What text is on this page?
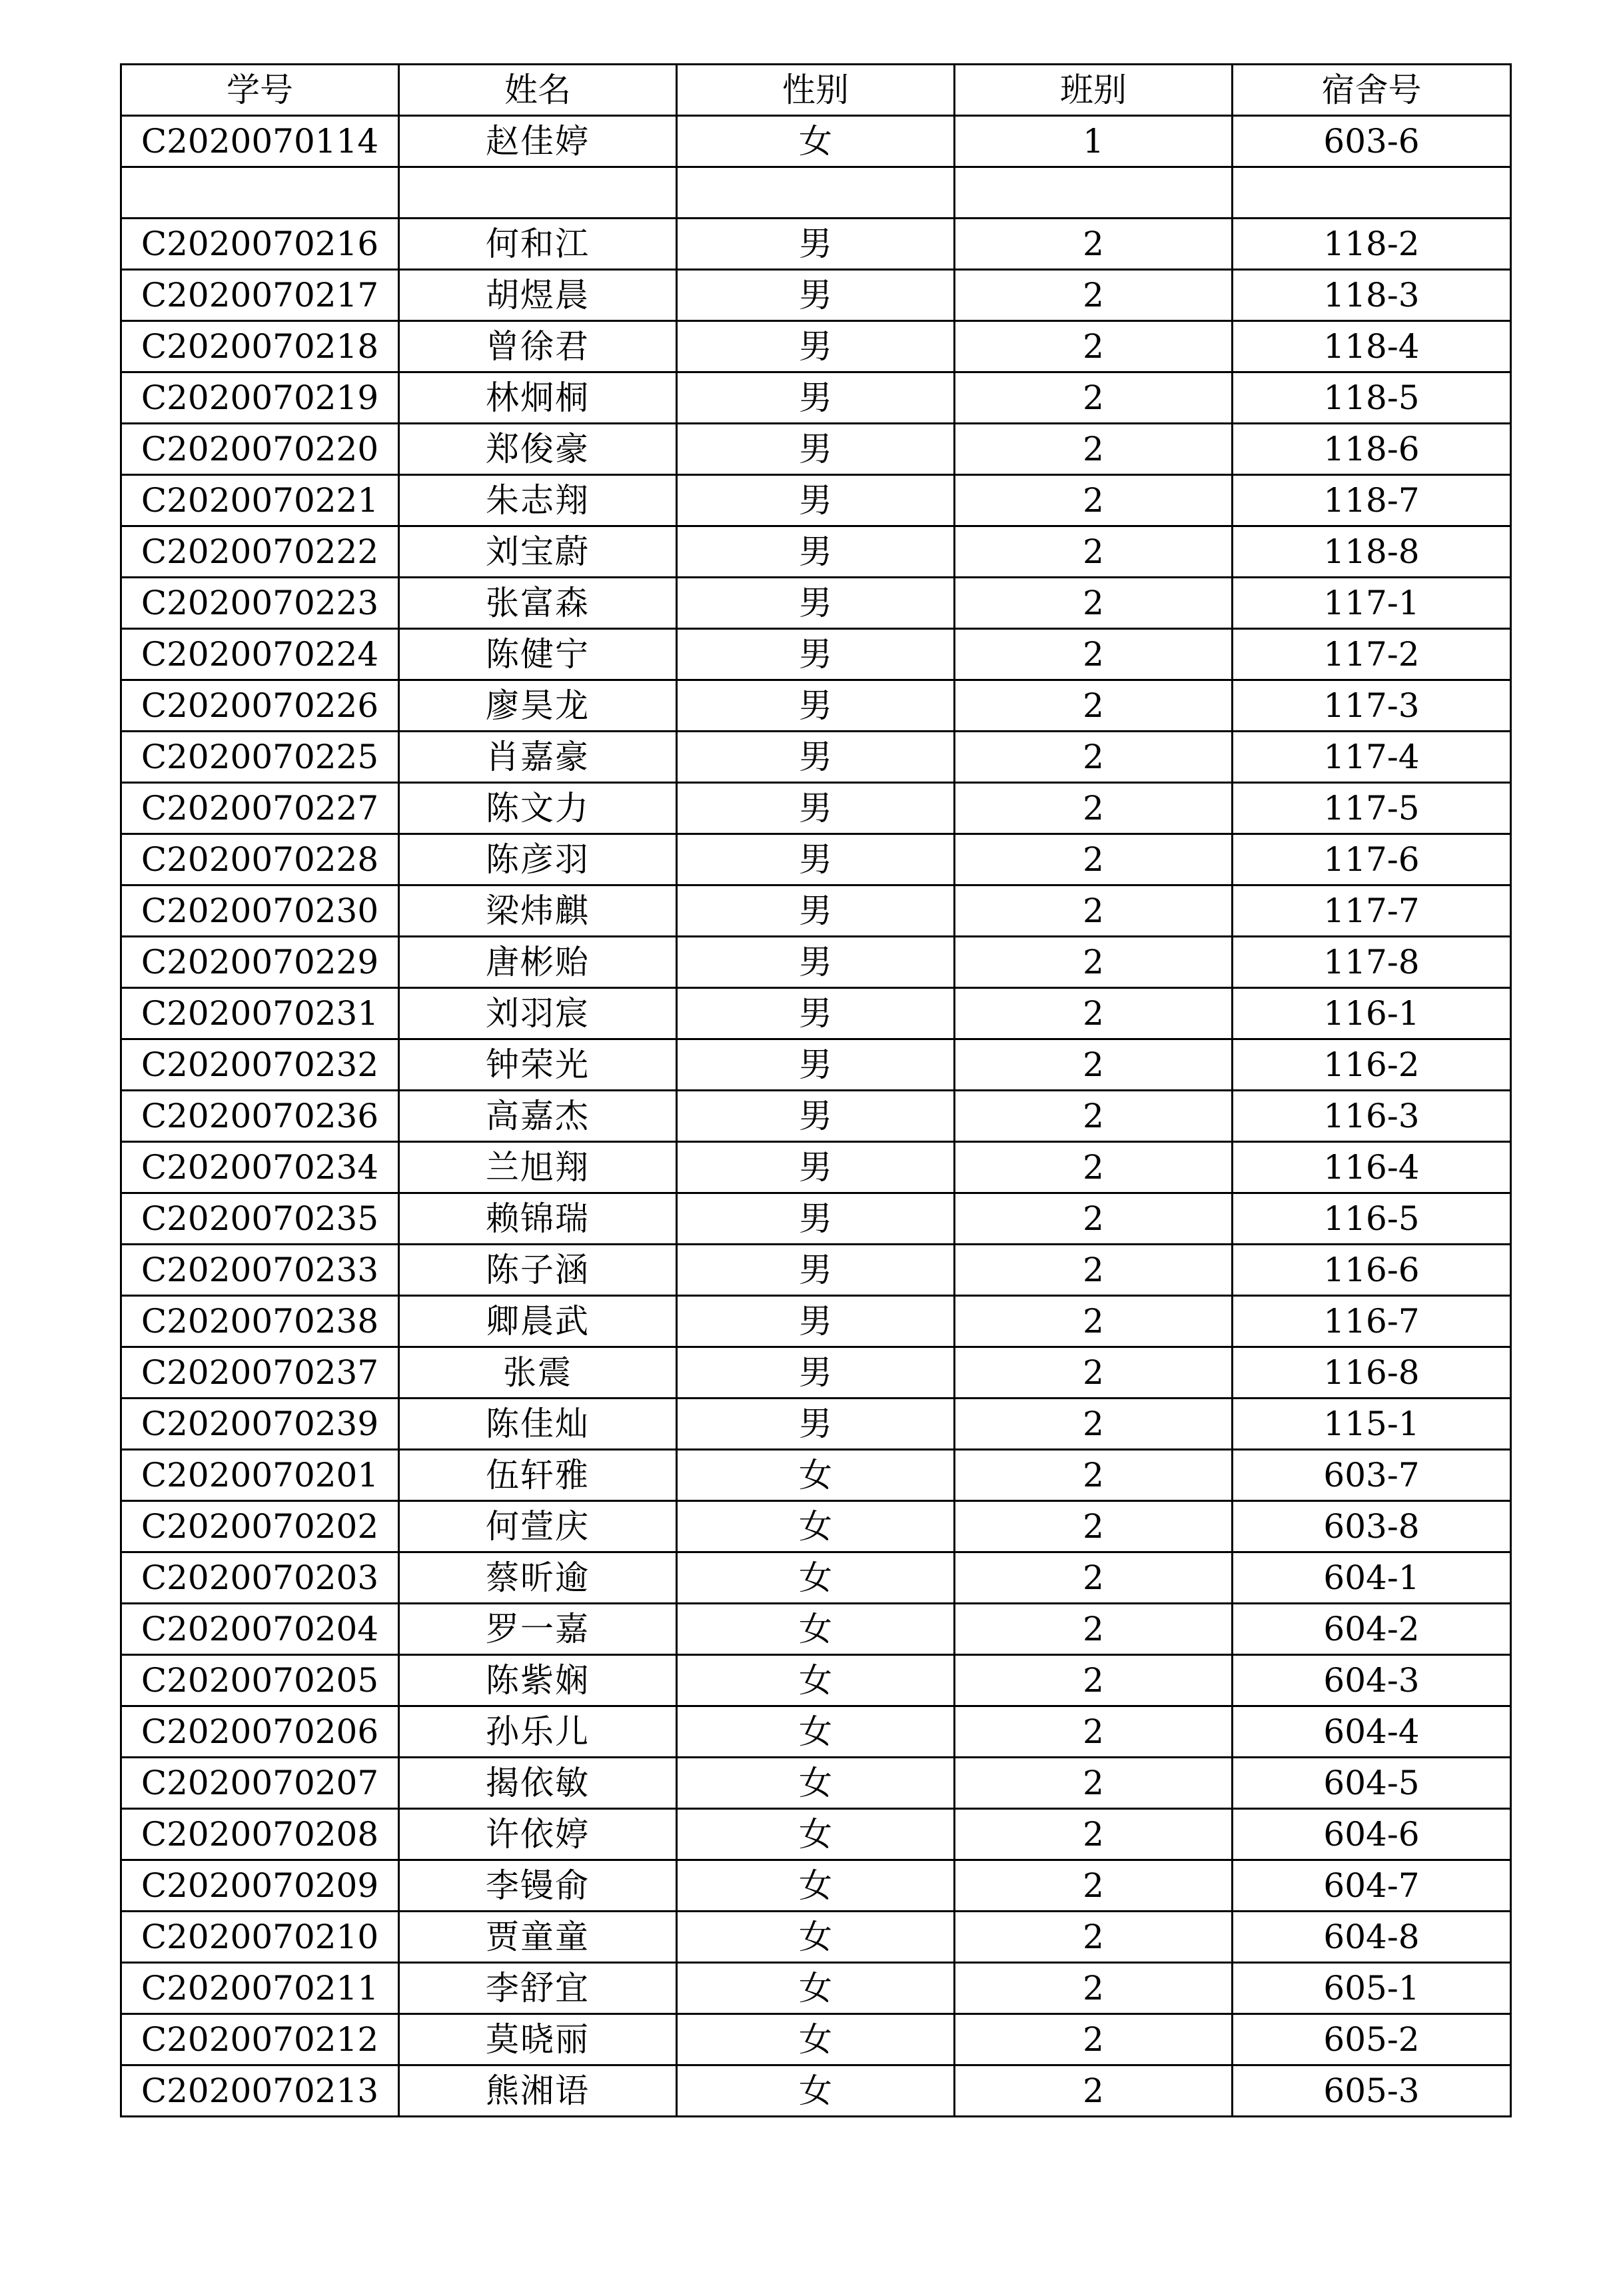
学号	姓名	性别	班别	宿舍号
C2020070114	赵佳婷	女	1	603-6

C2020070216	何和江	男	2	118-2
C2020070217	胡煜晨	男	2	118-3
C2020070218	曾徐君	男	2	118-4
C2020070219	林炯桐	男	2	118-5
C2020070220	郑俊豪	男	2	118-6
C2020070221	朱志翔	男	2	118-7
C2020070222	刘宝蔚	男	2	118-8
C2020070223	张富森	男	2	117-1
C2020070224	陈健宁	男	2	117-2
C2020070226	廖昊龙	男	2	117-3
C2020070225	肖嘉豪	男	2	117-4
C2020070227	陈文力	男	2	117-5
C2020070228	陈彦羽	男	2	117-6
C2020070230	梁炜麒	男	2	117-7
C2020070229	唐彬贻	男	2	117-8
C2020070231	刘羽宸	男	2	116-1
C2020070232	钟荣光	男	2	116-2
C2020070236	高嘉杰	男	2	116-3
C2020070234	兰旭翔	男	2	116-4
C2020070235	赖锦瑞	男	2	116-5
C2020070233	陈子涵	男	2	116-6
C2020070238	卿晨武	男	2	116-7
C2020070237	张震	男	2	116-8
C2020070239	陈佳灿	男	2	115-1
C2020070201	伍轩雅	女	2	603-7
C2020070202	何萱庆	女	2	603-8
C2020070203	蔡昕逾	女	2	604-1
C2020070204	罗一嘉	女	2	604-2
C2020070205	陈紫娴	女	2	604-3
C2020070206	孙乐儿	女	2	604-4
C2020070207	揭依敏	女	2	604-5
C2020070208	许依婷	女	2	604-6
C2020070209	李镘俞	女	2	604-7
C2020070210	贾童童	女	2	604-8
C2020070211	李舒宜	女	2	605-1
C2020070212	莫晓丽	女	2	605-2
C2020070213	熊湘语	女	2	605-3
